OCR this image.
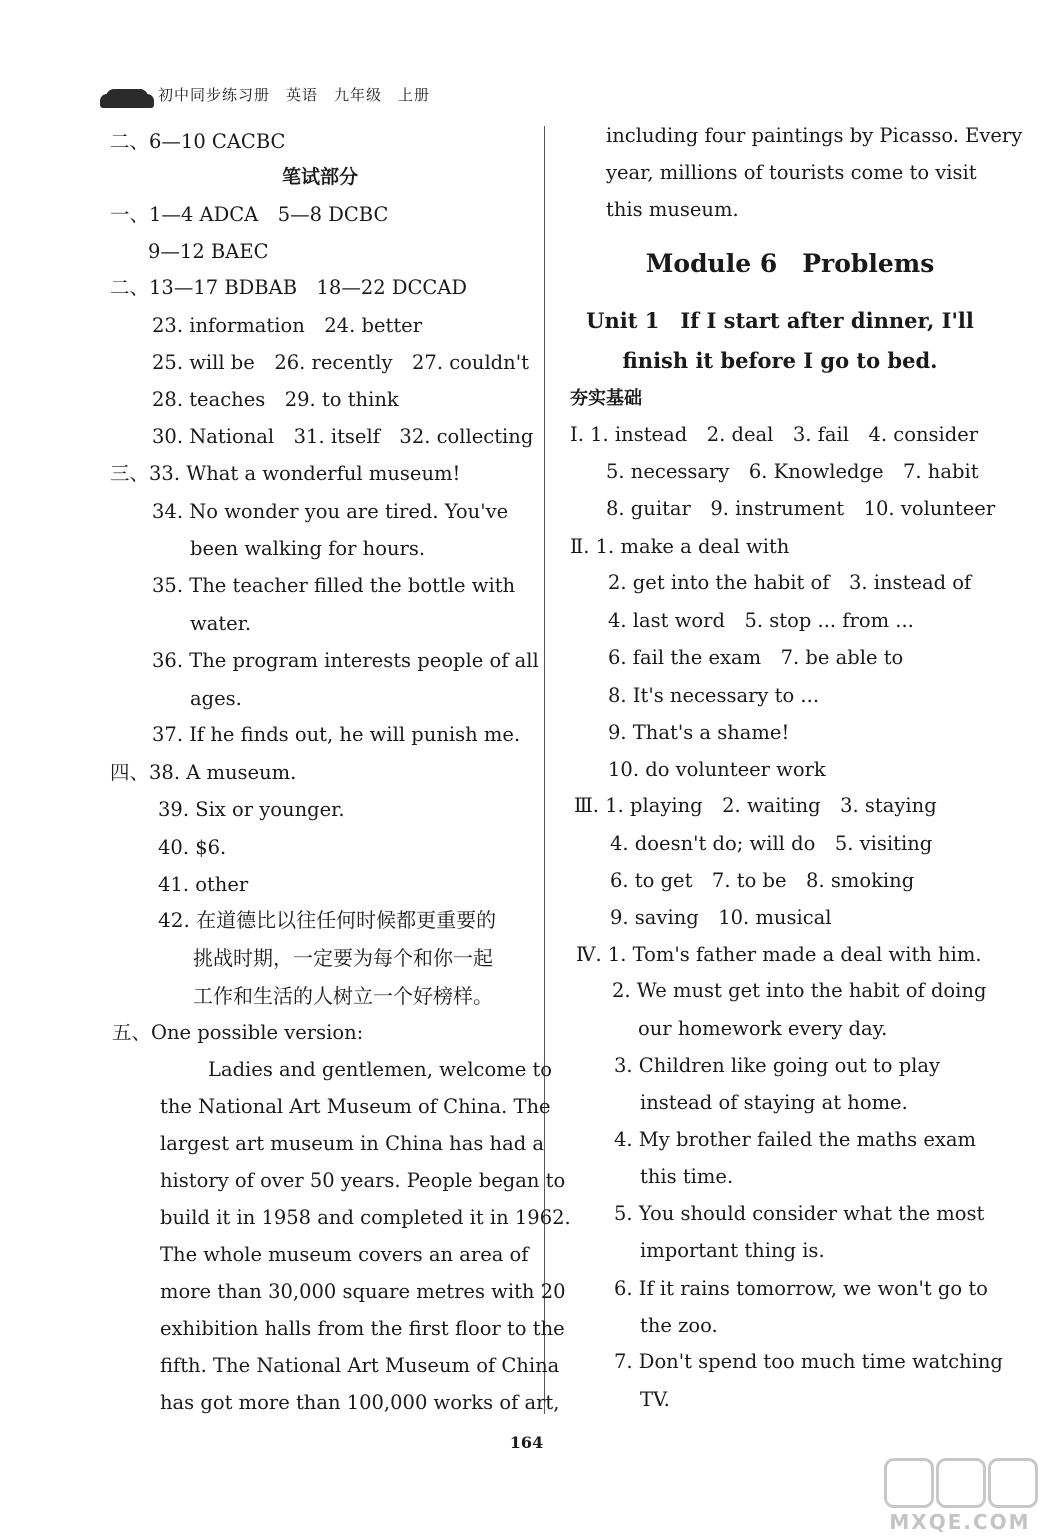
初中同步练习册　英语　九年级　上册
二、6—10 CACBC
笔试部分
一、1—4 ADCA　5—8 DCBC
9—12 BAEC
二、13—17 BDBAB　18—22 DCCAD
23. information　24. better
25. will be　26. recently　27. couldn't
28. teaches　29. to think
30. National　31. itself　32. collecting
三、33. What a wonderful museum!
34. No wonder you are tired. You've
been walking for hours.
35. The teacher filled the bottle with
water.
36. The program interests people of all
ages.
37. If he finds out, he will punish me.
四、38. A museum.
39. Six or younger.
40. $6.
41. other
42. 在道德比以往任何时候都更重要的
挑战时期，一定要为每个和你一起
工作和生活的人树立一个好榜样。
五、One possible version:
Ladies and gentlemen, welcome to
the National Art Museum of China. The
largest art museum in China has had a
history of over 50 years. People began to
build it in 1958 and completed it in 1962.
The whole museum covers an area of
more than 30,000 square metres with 20
exhibition halls from the first floor to the
fifth. The National Art Museum of China
has got more than 100,000 works of art,
including four paintings by Picasso. Every
year, millions of tourists come to visit
this museum.
Module 6　Problems
Unit 1　If I start after dinner, I'll
finish it before I go to bed.
夯实基础
Ⅰ. 1. instead　2. deal　3. fail　4. consider
5. necessary　6. Knowledge　7. habit
8. guitar　9. instrument　10. volunteer
Ⅱ. 1. make a deal with
2. get into the habit of　3. instead of
4. last word　5. stop ... from ...
6. fail the exam　7. be able to
8. It's necessary to ...
9. That's a shame!
10. do volunteer work
Ⅲ. 1. playing　2. waiting　3. staying
4. doesn't do; will do　5. visiting
6. to get　7. to be　8. smoking
9. saving　10. musical
Ⅳ. 1. Tom's father made a deal with him.
2. We must get into the habit of doing
our homework every day.
3. Children like going out to play
instead of staying at home.
4. My brother failed the maths exam
this time.
5. You should consider what the most
important thing is.
6. If it rains tomorrow, we won't go to
the zoo.
7. Don't spend too much time watching
TV.
164
MXQE.COM
